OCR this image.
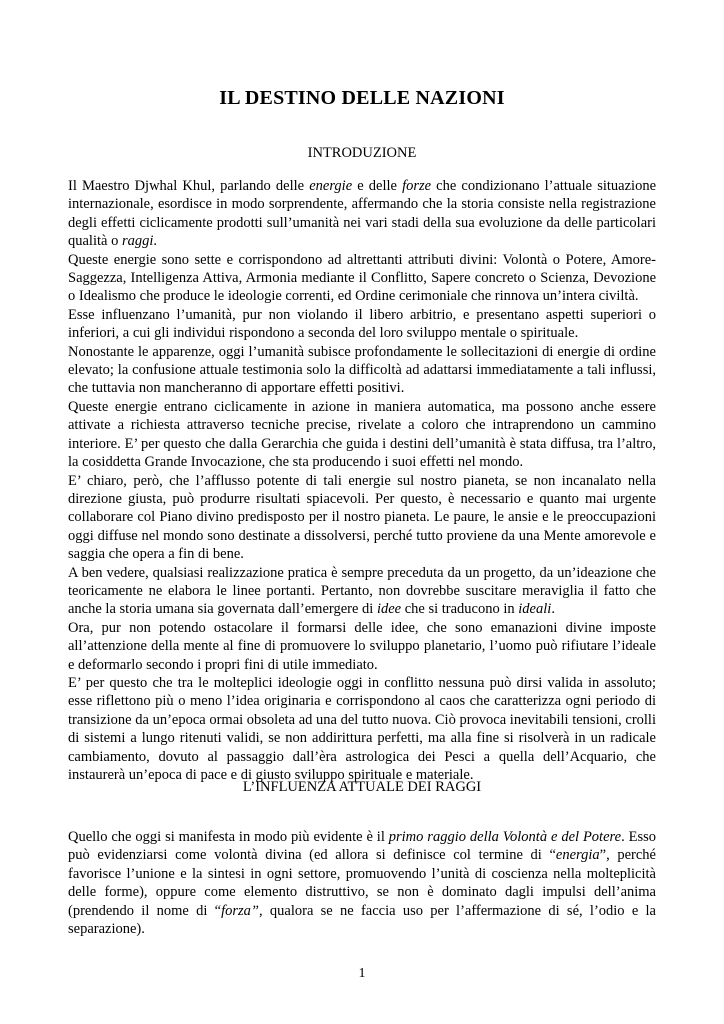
IL DESTINO DELLE NAZIONI
INTRODUZIONE

Il Maestro Djwhal Khul, parlando delle energie e delle forze che condizionano l’attuale situazione internazionale, esordisce in modo sorprendente, affermando che la storia consiste nella registrazione degli effetti ciclicamente prodotti sull’umanità nei vari stadi della sua evoluzione da delle particolari qualità o raggi.

Queste energie sono sette e corrispondono ad altrettanti attributi divini: Volontà o Potere, Amore-Saggezza, Intelligenza Attiva, Armonia mediante il Conflitto, Sapere concreto o Scienza, Devozione o Idealismo che produce le ideologie correnti, ed Ordine cerimoniale che rinnova un’intera civiltà.

Esse influenzano l’umanità, pur non violando il libero arbitrio, e presentano aspetti superiori o inferiori, a cui gli individui rispondono a seconda del loro sviluppo mentale o spirituale.

Nonostante le apparenze, oggi l’umanità subisce profondamente le sollecitazioni di energie di ordine elevato; la confusione attuale testimonia solo la difficoltà ad adattarsi immediatamente a tali influssi, che tuttavia non mancheranno di apportare effetti positivi.

Queste energie entrano ciclicamente in azione in maniera automatica, ma possono anche essere attivate a richiesta attraverso tecniche precise, rivelate a coloro che intraprendono un cammino interiore. E’ per questo che dalla Gerarchia che guida i destini dell’umanità è stata diffusa, tra l’altro, la cosiddetta Grande Invocazione, che sta producendo i suoi effetti nel mondo.

E’ chiaro, però, che l’afflusso potente di tali energie sul nostro pianeta, se non incanalato nella direzione giusta, può produrre risultati spiacevoli. Per questo, è necessario e quanto mai urgente collaborare col Piano divino predisposto per il nostro pianeta. Le paure, le ansie e le preoccupazioni oggi diffuse nel mondo sono destinate a dissolversi, perché tutto proviene da una Mente amorevole e saggia che opera a fin di bene.

A ben vedere, qualsiasi realizzazione pratica è sempre preceduta da un progetto, da un’ideazione che teoricamente ne elabora le linee portanti. Pertanto, non dovrebbe suscitare meraviglia il fatto che anche la storia umana sia governata dall’emergere di idee che si traducono in ideali.

Ora, pur non potendo ostacolare il formarsi delle idee, che sono emanazioni divine imposte all’attenzione della mente al fine di promuovere lo sviluppo planetario, l’uomo può rifiutare l’ideale e deformarlo secondo i propri fini di utile immediato.

E’ per questo che tra le molteplici ideologie oggi in conflitto nessuna può dirsi valida in assoluto; esse riflettono più o meno l’idea originaria e corrispondono al caos che caratterizza ogni periodo di transizione da un’epoca ormai obsoleta ad una del tutto nuova. Ciò provoca inevitabili tensioni, crolli di sistemi a lungo ritenuti validi, se non addirittura perfetti, ma alla fine si risolverà in un radicale cambiamento, dovuto al passaggio dall’èra astrologica dei Pesci a quella dell’Acquario, che instaurerà un’epoca di pace e di giusto sviluppo spirituale e materiale.

L’INFLUENZA ATTUALE DEI RAGGI

Quello che oggi si manifesta in modo più evidente è il primo raggio della Volontà e del Potere. Esso può evidenziarsi come volontà divina (ed allora si definisce col termine di “energia”, perché favorisce l’unione e la sintesi in ogni settore, promuovendo l’unità di coscienza nella molteplicità delle forme), oppure come elemento distruttivo, se non è dominato dagli impulsi dell’anima (prendendo il nome di “forza”, qualora se ne faccia uso per l’affermazione di sé, l’odio e la separazione).

1
